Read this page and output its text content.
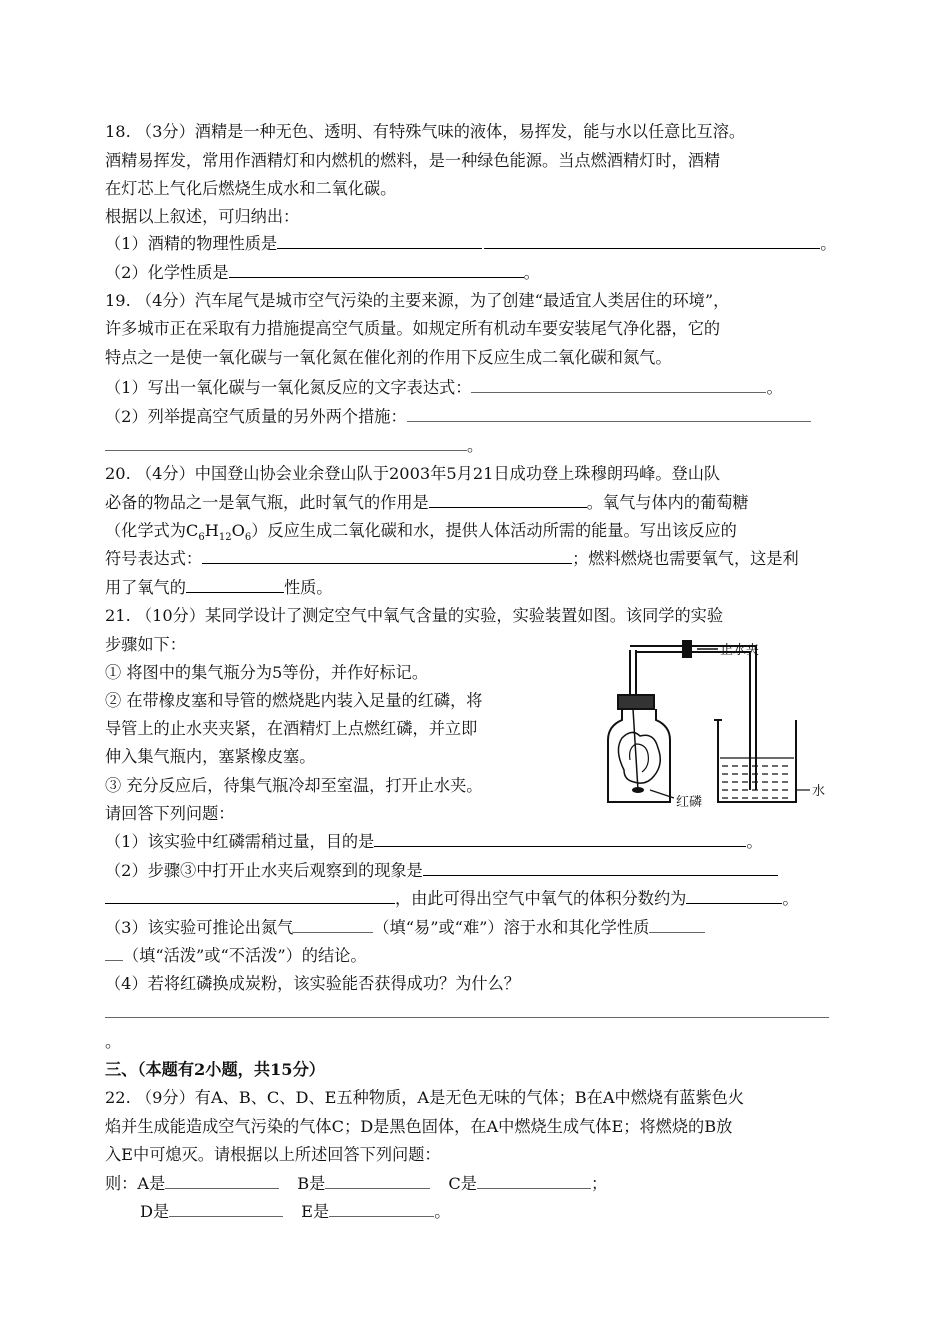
18. （3分）酒精是一种无色、透明、有特殊气味的液体，易挥发，能与水以任意比互溶。
酒精易挥发，常用作酒精灯和内燃机的燃料，是一种绿色能源。当点燃酒精灯时，酒精
在灯芯上气化后燃烧生成水和二氧化碳。
根据以上叙述，可归纳出：
（1）酒精的物理性质是	。
（2）化学性质是	。
19. （4分）汽车尾气是城市空气污染的主要来源，为了创建“最适宜人类居住的环境”，
许多城市正在采取有力措施提高空气质量。如规定所有机动车要安装尾气净化器，它的
特点之一是使一氧化碳与一氧化氮在催化剂的作用下反应生成二氧化碳和氮气。
（1）写出一氧化碳与一氧化氮反应的文字表达式：	。
（2）列举提高空气质量的另外两个措施：
。
20. （4分）中国登山协会业余登山队于2003年5月21日成功登上珠穆朗玛峰。登山队
必备的物品之一是氧气瓶，此时氧气的作用是	。氧气与体内的葡萄糖
（化学式为$C_6H_{12}O_6$）反应生成二氧化碳和水，提供人体活动所需的能量。写出该反应的
符号表达式：	；燃料燃烧也需要氧气，这是利
用了氧气的	性质。
21. （10分）某同学设计了测定空气中氧气含量的实验，实验装置如图。该同学的实验
步骤如下：
① 将图中的集气瓶分为5等份，并作好标记。
② 在带橡皮塞和导管的燃烧匙内装入足量的红磷，将
导管上的止水夹夹紧，在酒精灯上点燃红磷，并立即
伸入集气瓶内，塞紧橡皮塞。
③ 充分反应后，待集气瓶冷却至室温，打开止水夹。
请回答下列问题：
止水夹
红磷
水
（1）该实验中红磷需稍过量，目的是	。
（2）步骤③中打开止水夹后观察到的现象是
，由此可得出空气中氧气的体积分数约为	。
（3）该实验可推论出氮气	（填“易”或“难”）溶于水和其化学性质
（填“活泼”或“不活泼”）的结论。
（4）若将红磷换成炭粉，该实验能否获得成功？为什么？
。
三、（本题有2小题，共15分）
22. （9分）有A、B、C、D、E五种物质，A是无色无味的气体；B在A中燃烧有蓝紫色火
焰并生成能造成空气污染的气体C；D是黑色固体，在A中燃烧生成气体E；将燃烧的B放
入E中可熄灭。请根据以上所述回答下列问题：
则：A是	B是	C是	；
D是	E是	。
